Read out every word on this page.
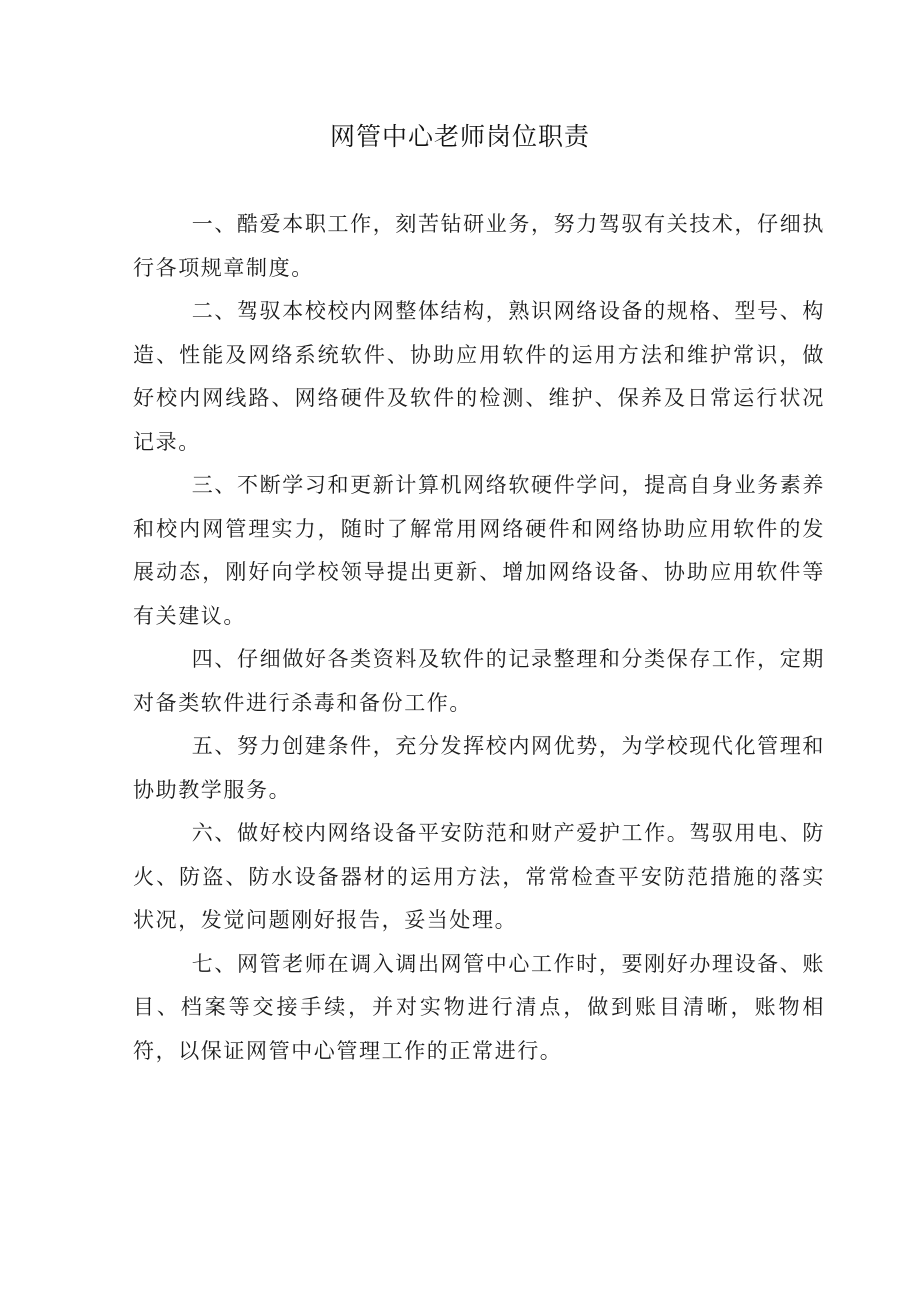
网管中心老师岗位职责

一、酷爱本职工作，刻苦钻研业务，努力驾驭有关技术，仔细执行各项规章制度。

二、驾驭本校校内网整体结构，熟识网络设备的规格、型号、构造、性能及网络系统软件、协助应用软件的运用方法和维护常识，做好校内网线路、网络硬件及软件的检测、维护、保养及日常运行状况记录。

三、不断学习和更新计算机网络软硬件学问，提高自身业务素养和校内网管理实力，随时了解常用网络硬件和网络协助应用软件的发展动态，刚好向学校领导提出更新、增加网络设备、协助应用软件等有关建议。

四、仔细做好各类资料及软件的记录整理和分类保存工作，定期对备类软件进行杀毒和备份工作。

五、努力创建条件，充分发挥校内网优势，为学校现代化管理和协助教学服务。

六、做好校内网络设备平安防范和财产爱护工作。驾驭用电、防火、防盗、防水设备器材的运用方法，常常检查平安防范措施的落实状况，发觉问题刚好报告，妥当处理。

七、网管老师在调入调出网管中心工作时，要刚好办理设备、账目、档案等交接手续，并对实物进行清点，做到账目清晰，账物相符，以保证网管中心管理工作的正常进行。
